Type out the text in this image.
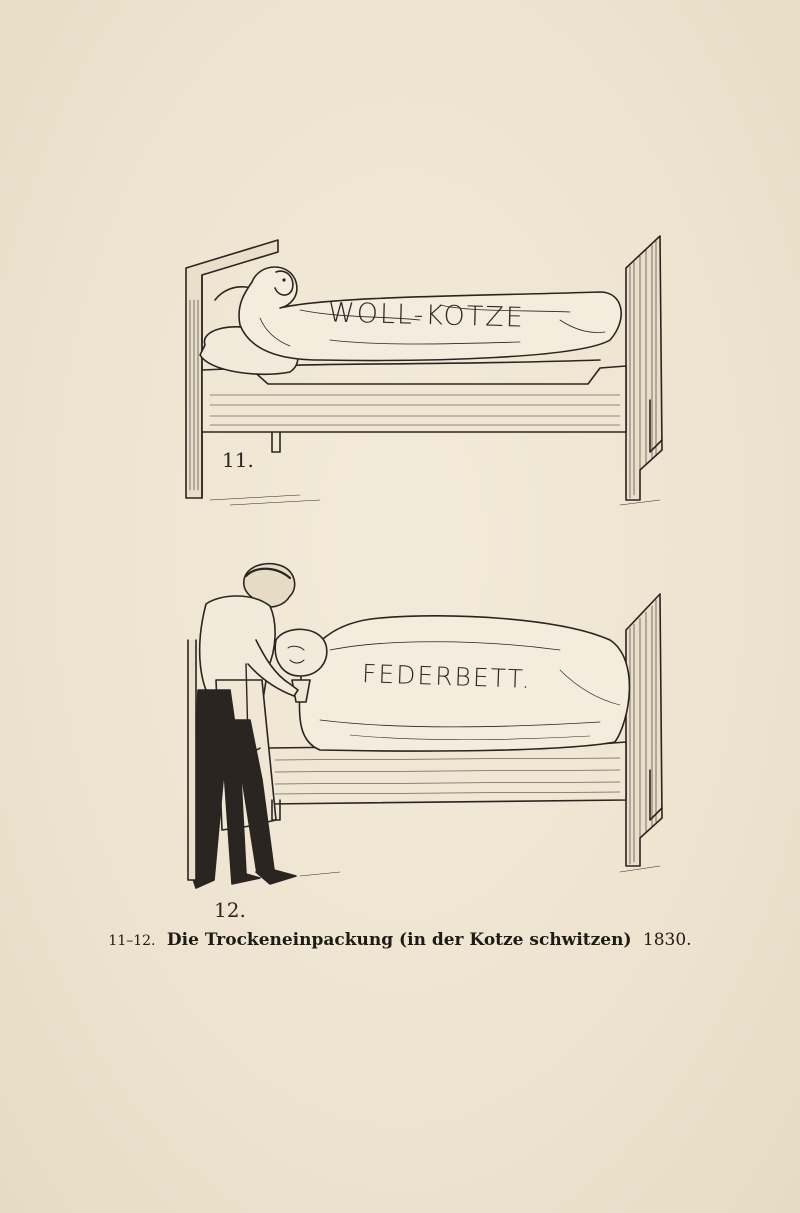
WOLL-KOTZE
FEDERBETT.
11.
12.
11–12. Die Trockeneinpackung (in der Kotze schwitzen) 1830.
